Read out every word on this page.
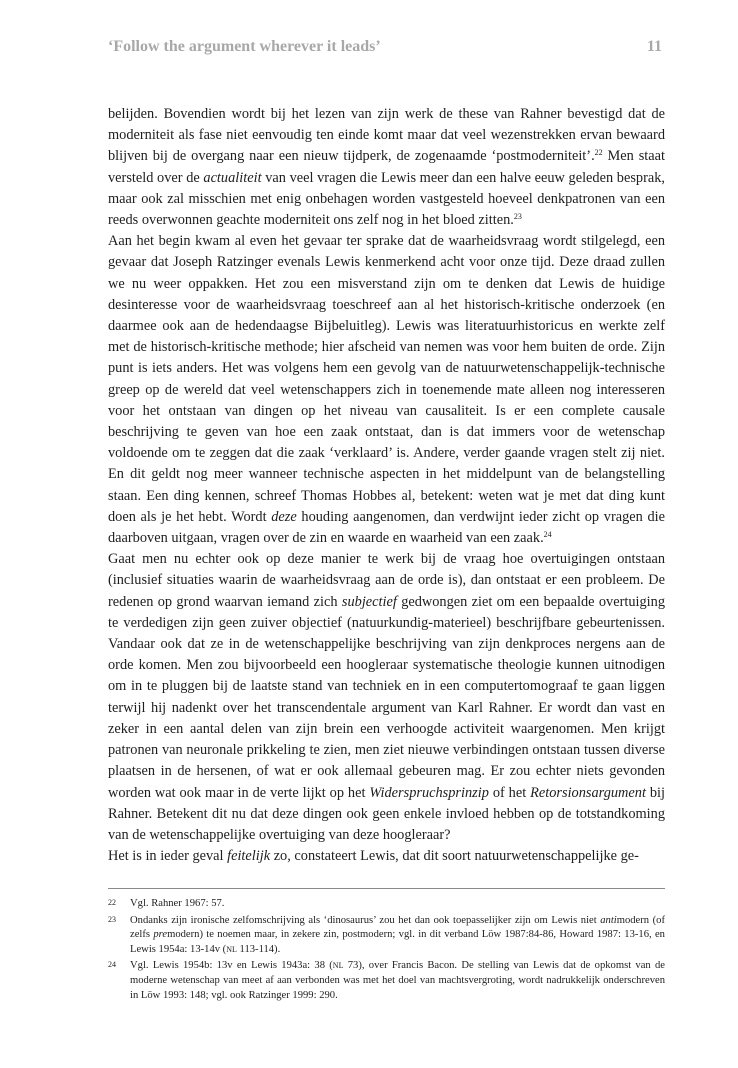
‘Follow the argument wherever it leads’	11

belijden. Bovendien wordt bij het lezen van zijn werk de these van Rahner bevestigd dat de moderniteit als fase niet eenvoudig ten einde komt maar dat veel wezenstrekken ervan bewaard blijven bij de overgang naar een nieuw tijdperk, de zogenaamde ‘postmoderniteit’.$^{22}$ Men staat versteld over de actualiteit van veel vragen die Lewis meer dan een halve eeuw geleden besprak, maar ook zal misschien met enig onbehagen worden vastgesteld hoeveel denkpatronen van een reeds overwonnen geachte moderniteit ons zelf nog in het bloed zitten.$^{23}$

Aan het begin kwam al even het gevaar ter sprake dat de waarheidsvraag wordt stilgelegd, een gevaar dat Joseph Ratzinger evenals Lewis kenmerkend acht voor onze tijd. Deze draad zullen we nu weer oppakken. Het zou een misverstand zijn om te denken dat Lewis de huidige desinteresse voor de waarheidsvraag toeschreef aan al het historisch-kritische onderzoek (en daarmee ook aan de hedendaagse Bijbeluitleg). Lewis was literatuurhistoricus en werkte zelf met de historisch-kritische methode; hier afscheid van nemen was voor hem buiten de orde. Zijn punt is iets anders. Het was volgens hem een gevolg van de natuurwetenschappelijk-technische greep op de wereld dat veel wetenschappers zich in toenemende mate alleen nog interesseren voor het ontstaan van dingen op het niveau van causaliteit. Is er een complete causale beschrijving te geven van hoe een zaak ontstaat, dan is dat immers voor de wetenschap voldoende om te zeggen dat die zaak ‘verklaard’ is. Andere, verder gaande vragen stelt zij niet. En dit geldt nog meer wanneer technische aspecten in het middelpunt van de belangstelling staan. Een ding kennen, schreef Thomas Hobbes al, betekent: weten wat je met dat ding kunt doen als je het hebt. Wordt deze houding aangenomen, dan verdwijnt ieder zicht op vragen die daarboven uitgaan, vragen over de zin en waarde en waarheid van een zaak.$^{24}$

Gaat men nu echter ook op deze manier te werk bij de vraag hoe overtuigingen ontstaan (inclusief situaties waarin de waarheidsvraag aan de orde is), dan ontstaat er een probleem. De redenen op grond waarvan iemand zich subjectief gedwongen ziet om een bepaalde overtuiging te verdedigen zijn geen zuiver objectief (natuurkundig-materieel) beschrijfbare gebeurtenissen. Vandaar ook dat ze in de wetenschappelijke beschrijving van zijn denkproces nergens aan de orde komen. Men zou bijvoorbeeld een hoogleraar systematische theologie kunnen uitnodigen om in te pluggen bij de laatste stand van techniek en in een computertomograaf te gaan liggen terwijl hij nadenkt over het transcendentale argument van Karl Rahner. Er wordt dan vast en zeker in een aantal delen van zijn brein een verhoogde activiteit waargenomen. Men krijgt patronen van neuronale prikkeling te zien, men ziet nieuwe verbindingen ontstaan tussen diverse plaatsen in de hersenen, of wat er ook allemaal gebeuren mag. Er zou echter niets gevonden worden wat ook maar in de verte lijkt op het Widerspruchsprinzip of het Retorsionsargument bij Rahner. Betekent dit nu dat deze dingen ook geen enkele invloed hebben op de totstandkoming van de wetenschappelijke overtuiging van deze hoogleraar?

Het is in ieder geval feitelijk zo, constateert Lewis, dat dit soort natuurwetenschappelijke ge-

22	Vgl. Rahner 1967: 57.
23	Ondanks zijn ironische zelfomschrijving als ‘dinosaurus’ zou het dan ook toepasselijker zijn om Lewis niet antimodern (of zelfs premodern) te noemen maar, in zekere zin, postmodern; vgl. in dit verband Löw 1987:84-86, Howard 1987: 13-16, en Lewis 1954a: 13-14v (NL 113-114).
24	Vgl. Lewis 1954b: 13v en Lewis 1943a: 38 (NL 73), over Francis Bacon. De stelling van Lewis dat de opkomst van de moderne wetenschap van meet af aan verbonden was met het doel van machtsvergroting, wordt nadrukkelijk onderschreven in Löw 1993: 148; vgl. ook Ratzinger 1999: 290.
